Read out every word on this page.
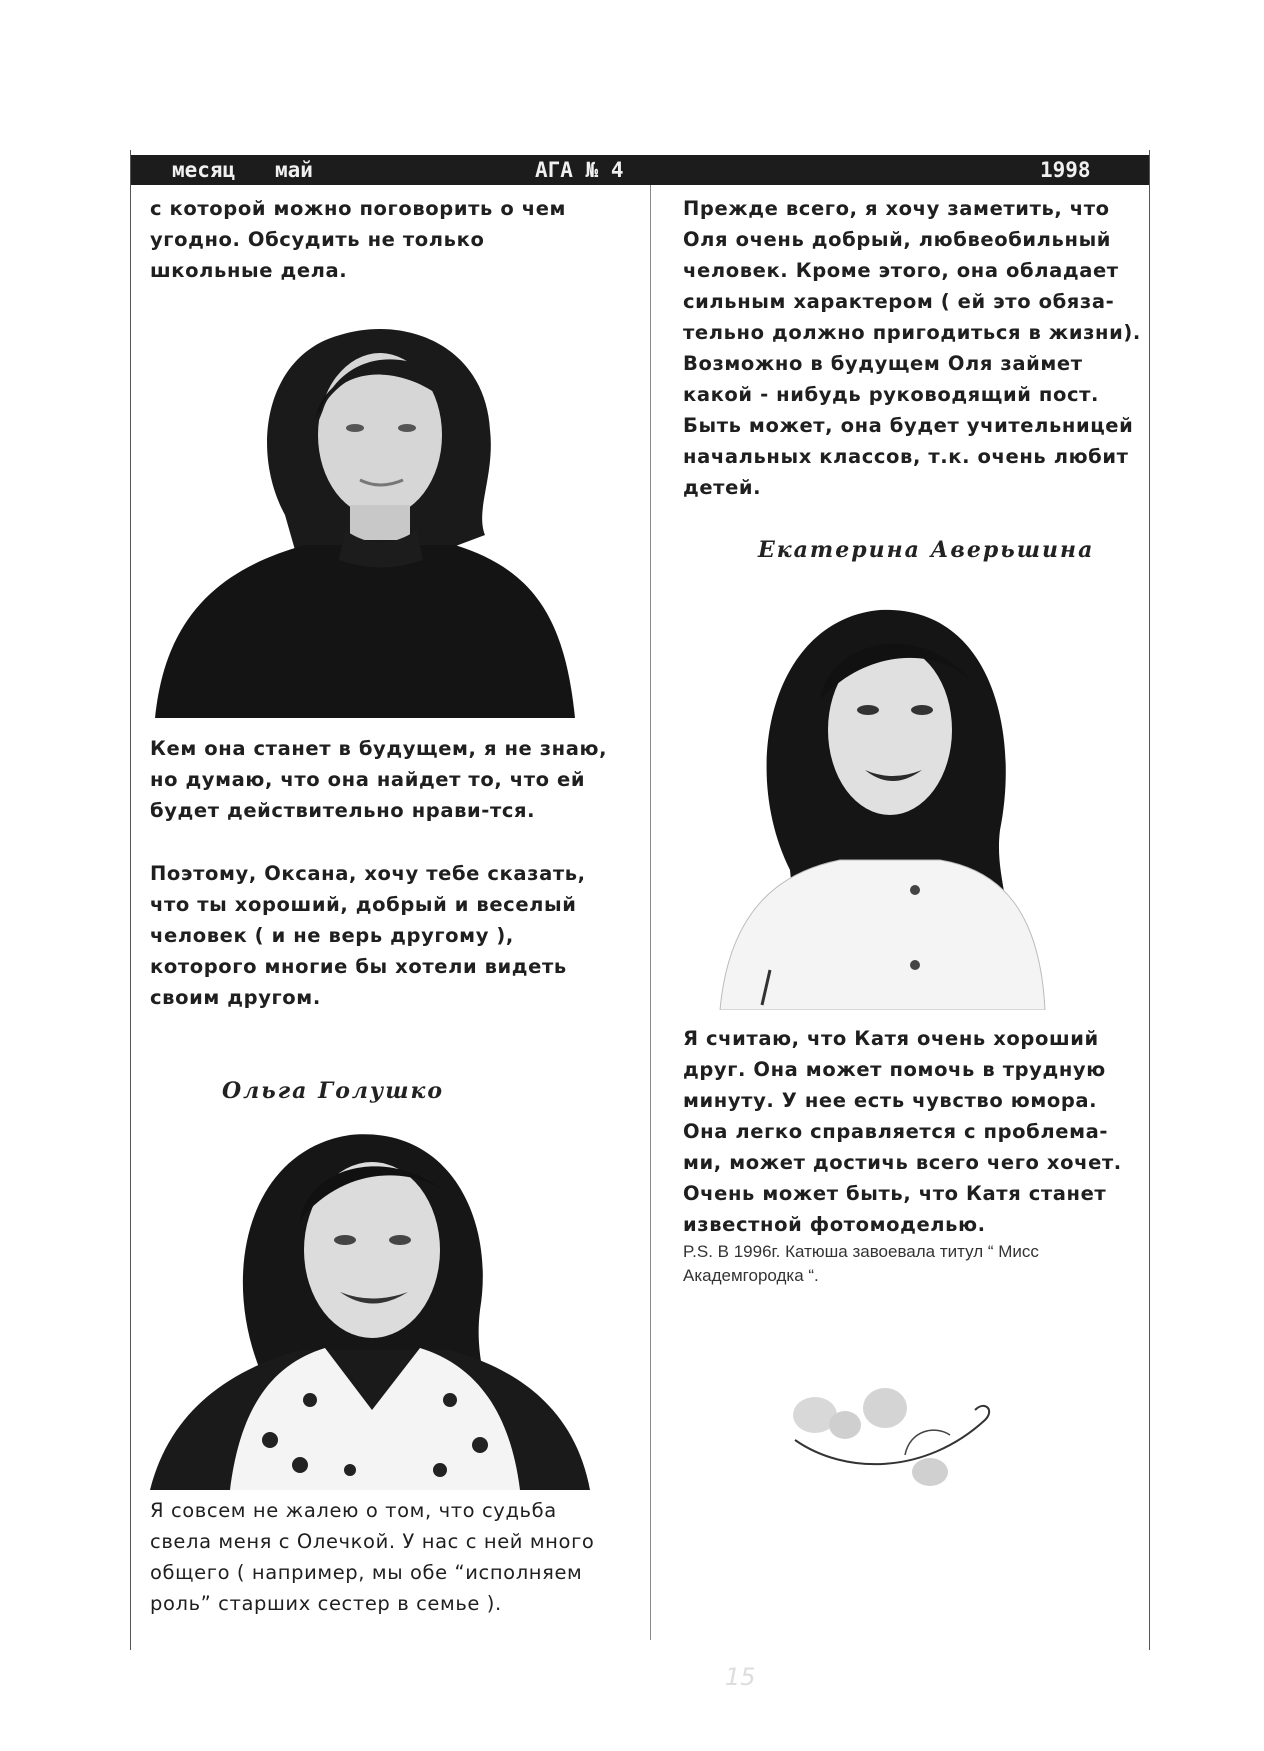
месяц май	АГА № 4	1998

с которой можно поговорить о чем угодно. Обсудить не только школьные дела.

Кем она станет в будущем, я не знаю, но думаю, что она найдет то, что ей будет действительно нрави-тся.

Поэтому, Оксана, хочу тебе сказать, что ты хороший, добрый и веселый человек ( и не верь другому ), которого многие бы хотели видеть своим другом.

Ольга Голушко

Я совсем не жалею о том, что судьба свела меня с Олечкой. У нас с ней много общего ( например, мы обе “исполняем роль” старших сестер в семье ).

Прежде всего, я хочу заметить, что Оля очень добрый, любвеобильный человек. Кроме этого, она обладает сильным характером ( ей это обяза-тельно должно пригодиться в жизни). Возможно в будущем Оля займет какой - нибудь руководящий пост. Быть может, она будет учительницей начальных классов, т.к. очень любит детей.

Екатерина Аверьшина

Я считаю, что Катя очень хороший друг. Она может помочь в трудную минуту. У нее есть чувство юмора. Она легко справляется с проблема-ми, может достичь всего чего хочет. Очень может быть, что Катя станет известной фотомоделью.

P.S. В 1996г. Катюша завоевала титул “ Мисс Академгородка “.

15
